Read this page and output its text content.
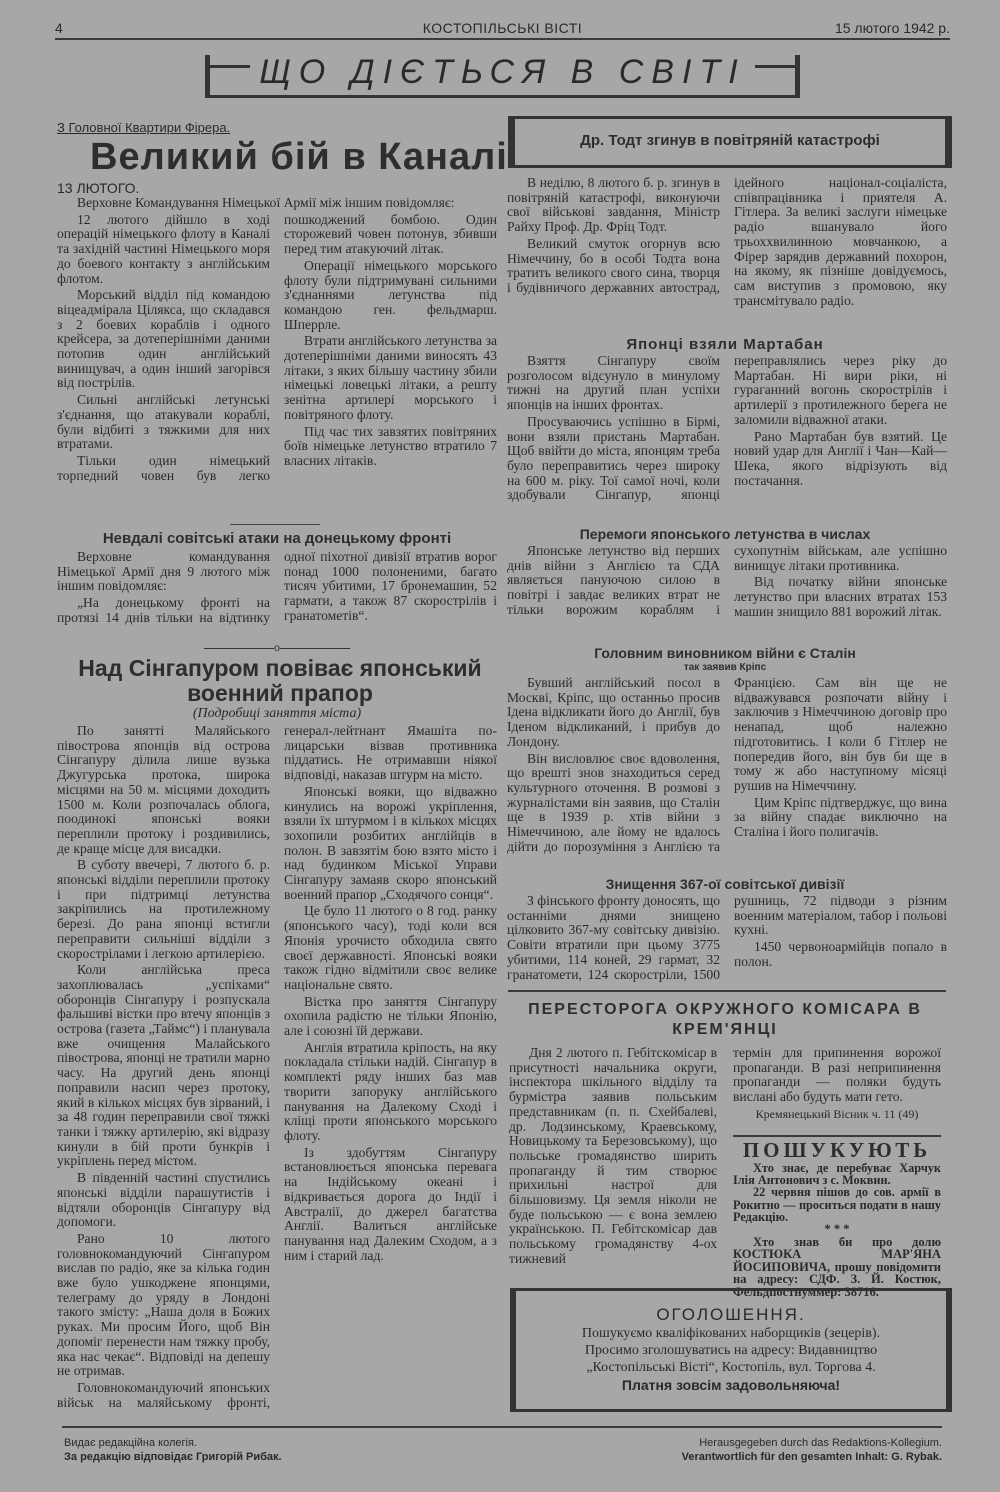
4	КОСТОПІЛЬСЬКІ ВІСТІ	15 лютого 1942 р.
ЩО ДІЄТЬСЯ В СВІТІ
З Головної Квартири Фірера.
Великий бій в Каналі
13 ЛЮТОГО.

Верховне Командування Німецької Армії між іншим повідомляє:

12 лютого дійшло в ході операцій німецького флоту в Каналі та західній частині Німецького моря до боевого контакту з англійським флотом.

Морський відділ під командою віцеадмірала Цілякса, що складався з 2 боевих кораблів і одного крейсера, за дотеперішніми даними потопив один англійський винищувач, а один інший загорівся від пострілів.

Сильні англійські летунські з'єднання, що атакували кораблі, були відбиті з тяжкими для них втратами.

Тільки один німецький торпедний човен був легко пошкоджений бомбою. Один сторожевий човен потонув, збивши перед тим атакуючий літак.

Операції німецького морського флоту були підтримувані сильними з'єднаннями летунства під командою ген. фельдмарш. Шперрле.

Втрати англійського летунства за дотеперішніми даними виносять 43 літаки, з яких більшу частину збили німецькі ловецькі літаки, а решту зенітна артилері морського і повітряного флоту.

Під час тих завзятих повітряних боїв німецьке летунство втратило 7 власних літаків.

Невдалі совітські атаки на донецькому фронті

Верховне командування Німецької Армії дня 9 лютого між іншим повідомляє:

„На донецькому фронті на протязі 14 днів тільки на відтинку одної піхотної дивізії втратив ворог понад 1000 полоненими, багато тисяч убитими, 17 бронемашин, 52 гармати, а також 87 скорострілів і гранатометів“.

o
Над Сінгапуром повіває японський военний прапор
(Подробиці заняття міста)

По занятті Маляйського півострова японців від острова Сінгапуру ділила лише вузька Джугурська протока, широка місцями на 50 м. місцями доходить 1500 м. Коли розпочалась облога, поодинокі японські вояки переплили протоку і роздивились, де краще місце для висадки.

В суботу ввечері, 7 лютого б. р. японські відділи переплили протоку і при підтримці летунства закріпились на протилежному березі. До рана японці встигли переправити сильніші відділи з скорострілами і легкою артилерією.

Коли англійська преса захоплювалась „успіхами“ оборонців Сінгапуру і розпускала фальшиві вістки про втечу японців з острова (газета „Таймс“) і планувала вже очищення Малайського півострова, японці не тратили марно часу. На другий день японці поправили насип через протоку, який в кількох місцях був зірваний, і за 48 годин переправили свої тяжкі танки і тяжку артилерію, які відразу кинули в бій проти бункрів і укріплень перед містом.

В південній частині спустились японські відділи парашутистів і відтяли оборонців Сінгапуру від допомоги.

Рано 10 лютого головнокомандуючий Сінгапуром вислав по радіо, яке за кілька годин вже було ушкоджене японцями, телеграму до уряду в Лондоні такого змісту: „Наша доля в Божих руках. Ми просим Його, щоб Він допоміг перенести нам тяжку пробу, яка нас чекає“. Відповіді на депешу не отримав.

Головнокомандуючий японських військ на маляйському фронті, генерал-лейтнант Ямашіта по-лицарськи візвав противника піддатись. Не отримавши ніякої відповіді, наказав штурм на місто.

Японські вояки, що відважно кинулись на ворожі укріплення, взяли їх штурмом і в кількох місцях зохопили розбитих англійців в полон. В завзятім бою взято місто і над будинком Міської Управи Сінгапуру замаяв скоро японський военний прапор „Сходячого сонця“.

Це було 11 лютого о 8 год. ранку (японського часу), тоді коли вся Японія урочисто обходила свято своєї державності. Японські вояки також гідно відмітили своє велике національне свято.

Вістка про заняття Сінгапуру охопила радістю не тільки Японію, але і союзні їй держави.

Англія втратила кріпость, на яку покладала стільки надій. Сінгапур в комплекті ряду інших баз мав творити запоруку англійського панування на Далекому Сході і кліщі проти японського морського флоту.

Із здобуттям Сінгапуру встановлюється японська перевага на Індійському океані і відкривається дорога до Індії і Австралії, до джерел багатства Англії. Валиться англійське панування над Далеким Сходом, а з ним і старий лад.

Др. Тодт згинув в повітряній катастрофі

В неділю, 8 лютого б. р. згинув в повітряній катастрофі, виконуючи свої військові завдання, Міністр Райху Проф. Др. Фріц Тодт.

Великий смуток огорнув всю Німеччину, бо в особі Тодта вона тратить великого свого сина, творця і будівничого державних автострад, ідейного націонал-соціаліста, співпрацівника і приятеля А. Гітлера. За великі заслуги німецьке радіо вшанувало його трьоххвилинною мовчанкою, а Фірер зарядив державний похорон, на якому, як пізніше довідуємось, сам виступив з промовою, яку трансмітувало радіо.

Японці взяли Мартабан

Взяття Сінгапуру своїм розголосом відсунуло в минулому тижні на другий план успіхи японців на інших фронтах.

Просуваючись успішно в Бірмі, вони взяли пристань Мартабан. Щоб ввійти до міста, японцям треба було переправитись через широку на 600 м. ріку. Тої самої ночі, коли здобували Сінгапур, японці переправлялись через ріку до Мартабан. Ні вири ріки, ні гураганний вогонь скорострілів і артилерії з протилежного берега не заломили відважної атаки.

Рано Мартабан був взятий. Це новий удар для Англії і Чан—Кай—Шека, якого відрізують від постачання.

Перемоги японського летунства в числах

Японське летунство від перших днів війни з Англією та СДА являється пануючою силою в повітрі і завдає великих втрат не тільки ворожим кораблям і сухопутнім військам, але успішно винищує літаки противника.

Від початку війни японське летунство при власних втратах 153 машин знищило 881 ворожий літак.

Головним виновником війни є Сталін
так заявив Кріпс

Бувший англійський посол в Москві, Кріпс, що останньо просив Ідена відкликати його до Англії, був Іденом відкликаний, і прибув до Лондону.

Він висловлює своє вдоволення, що врешті знов знаходиться серед культурного оточення. В розмові з журналістами він заявив, що Сталін ще в 1939 р. хтів війни з Німеччиною, але йому не вдалось дійти до порозуміння з Англією та Францією. Сам він ще не відважувався розпочати війну і заключив з Німеччиною договір про ненапад, щоб належно підготовитись. І коли б Гітлер не попередив його, він був би ще в тому ж або наступному місяці рушив на Німеччину.

Цим Кріпс підтверджує, що вина за війну спадає виключно на Сталіна і його полигачів.

Знищення 367-ої совітської дивізії

З фінського фронту доносять, що останніми днями знищено цілковито 367-му совітську дивізію. Совіти втратили при цьому 3775 убитими, 114 коней, 29 гармат, 32 гранатомети, 124 скоростріли, 1500 рушниць, 72 підводи з різним военним матеріалом, табор і польові кухні.

1450 червоноармійців попало в полон.

ПЕРЕСТОРОГА ОКРУЖНОГО КОМІСАРА В КРЕМ'ЯНЦІ

Дня 2 лютого п. Гебітскомісар в присутності начальника округи, інспектора шкільного відділу та бурмістра заявив польським представникам (п. п. Схейбалеві, др. Лодзинському, Краевському, Новицькому та Березовському), що польське громадянство ширить пропаганду й тим створює прихильні настрої для більшовизму. Ця земля ніколи не буде польською — є вона землею українською. П. Гебітскомісар дав польському громадянству 4-ох тижневий

термін для припинення ворожої пропаганди. В разі неприпинення пропаганди — поляки будуть вислані або будуть мати гето.

Кремянецький Вісник ч. 11 (49)
ПОШУКУЮТЬ

Хто знає, де перебуває Харчук Ілія Антонович з с. Моквин.

22 червня пішов до сов. армії в Рокитно — проситься подати в нашу Редакцію.

* * *

Хто знав би про долю КОСТЮКА МАР'ЯНА ЙОСИПОВИЧА, прошу повідомити на адресу: СДФ. З. Й. Костюк, Фельдпостнуммер: 38716.

ОГОЛОШЕННЯ.
Пошукуємо кваліфікованих наборщиків (зецерів).
Просимо зголошуватись на адресу: Видавництво
„Костопільські Вісті“, Костопіль, вул. Торгова 4.
Платня зовсім задовольняюча!
Видає редакційна колегія.
За редакцію відповідає Григорій Рибак.
Herausgegeben durch das Redaktions-Kollegium.
Verantwortlich für den gesamten Inhalt: G. Rybak.
